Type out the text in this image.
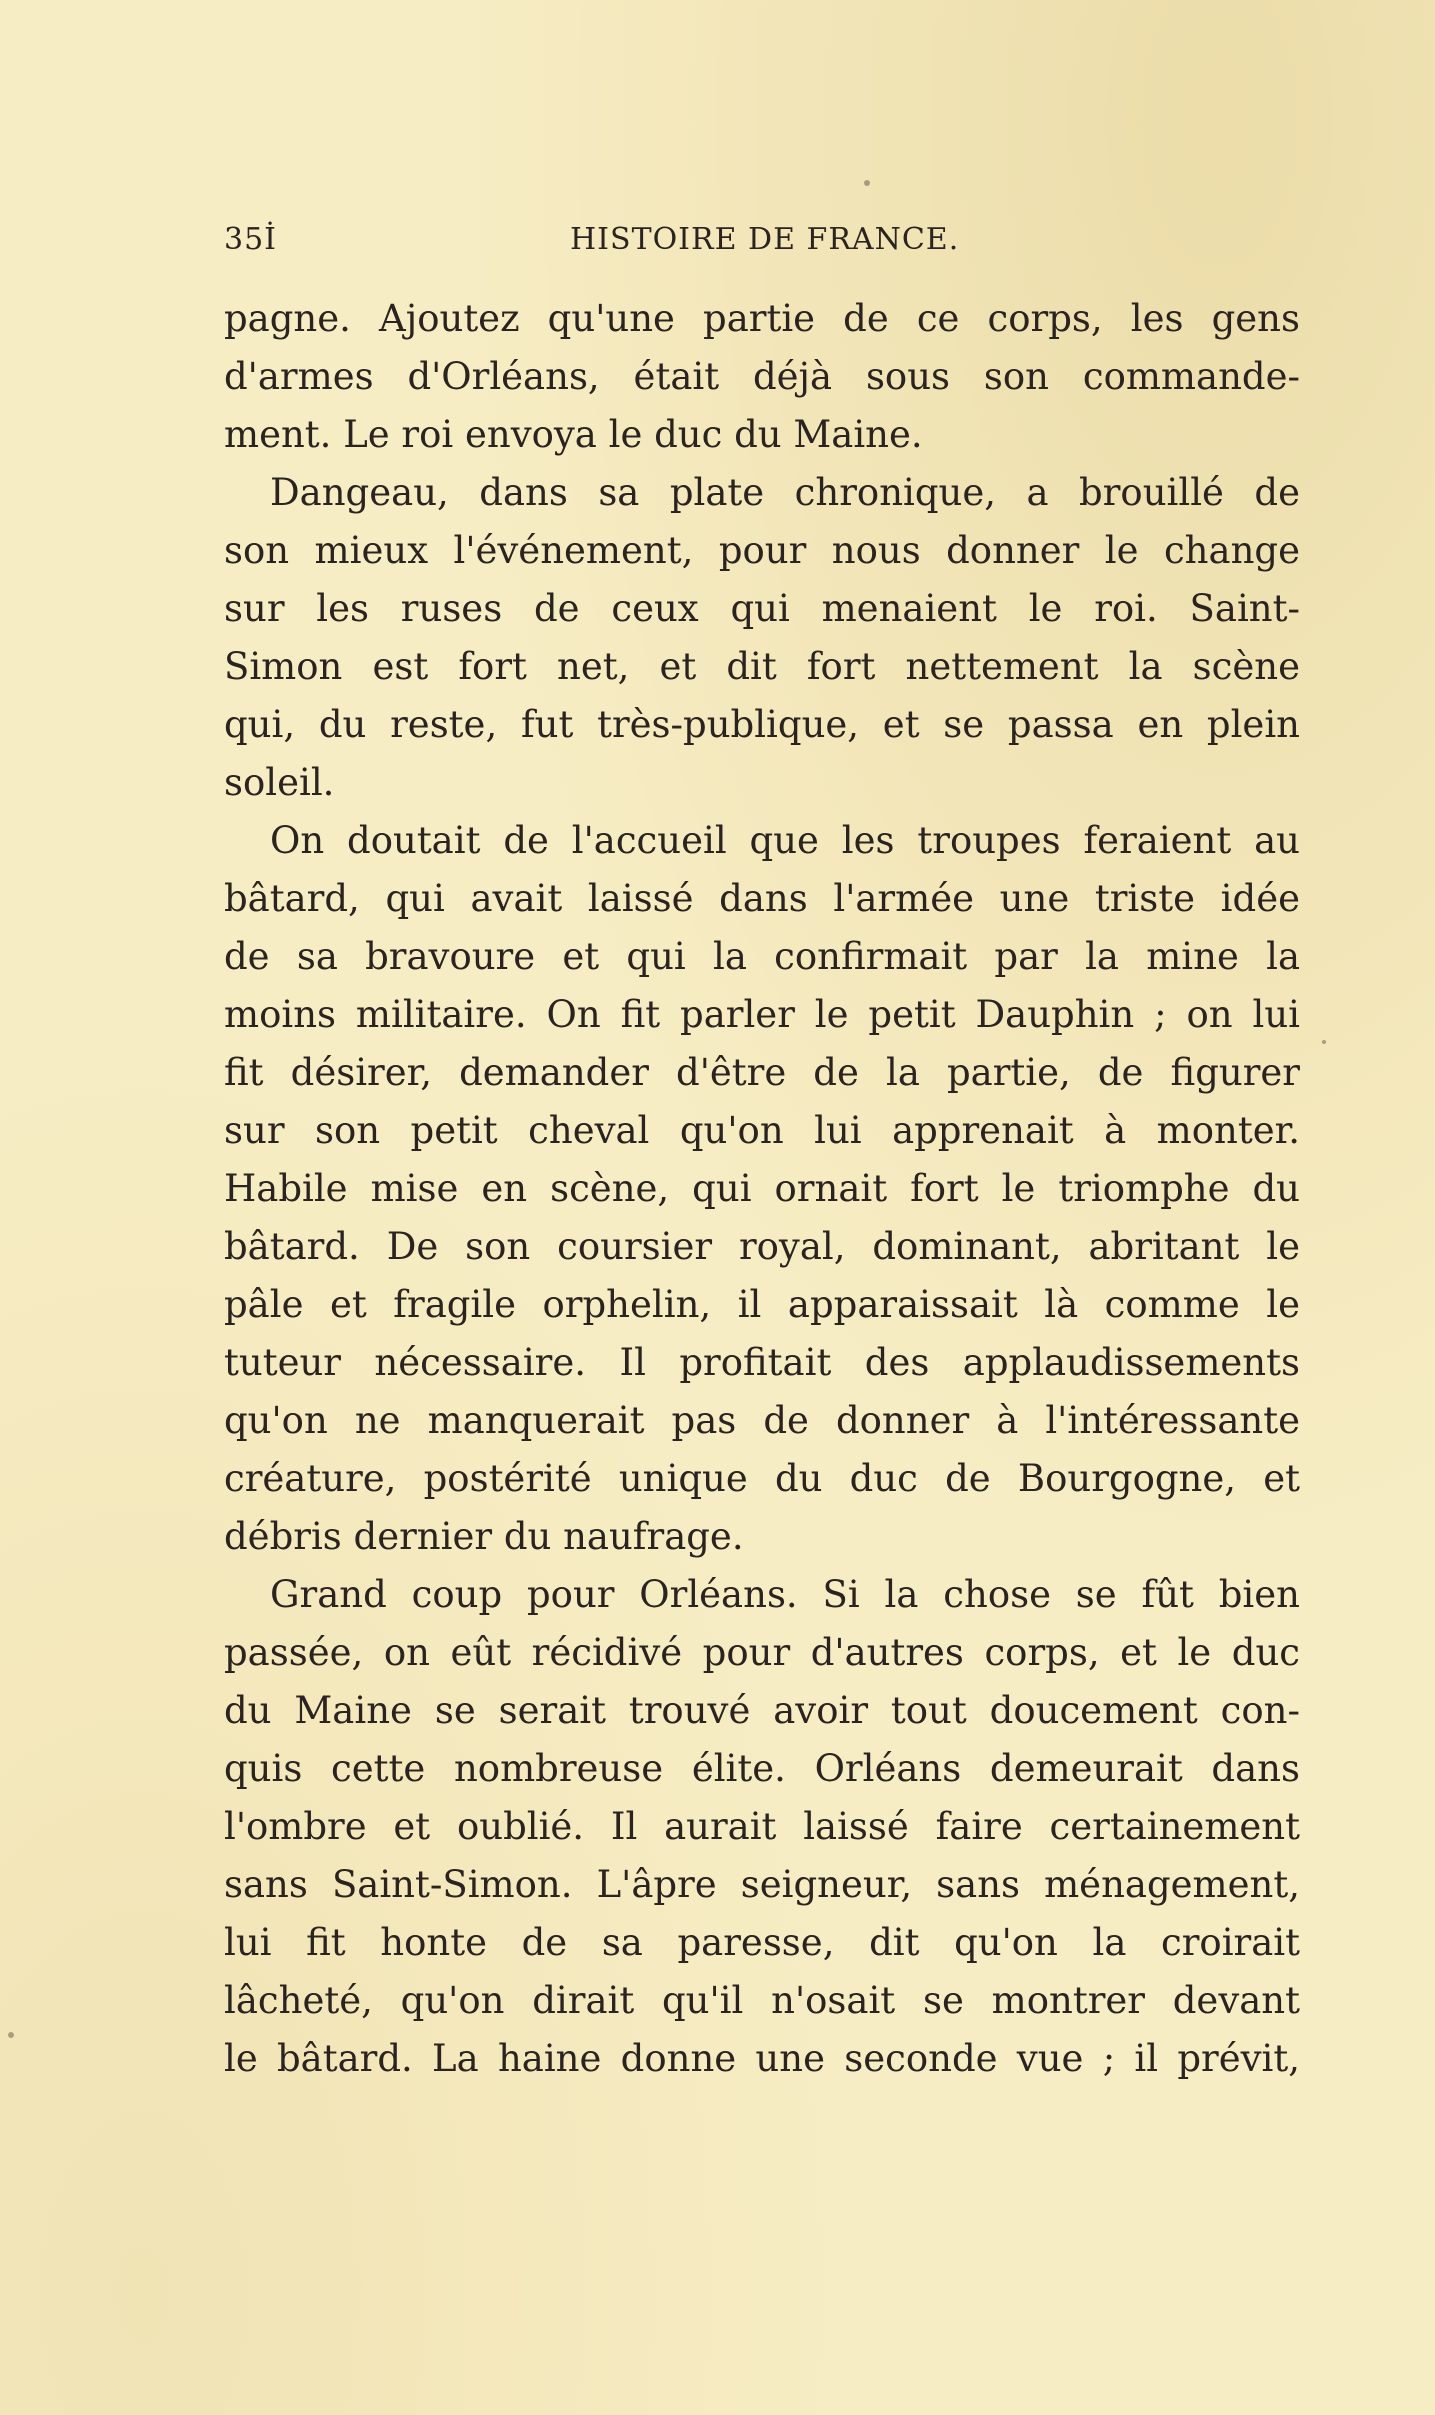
35İ	HISTOIRE DE FRANCE.
pagne. Ajoutez qu'une partie de ce corps, les gens
d'armes d'Orléans, était déjà sous son commande-
ment. Le roi envoya le duc du Maine.
Dangeau, dans sa plate chronique, a brouillé de
son mieux l'événement, pour nous donner le change
sur les ruses de ceux qui menaient le roi. Saint-
Simon est fort net, et dit fort nettement la scène
qui, du reste, fut très-publique, et se passa en plein
soleil.
On doutait de l'accueil que les troupes feraient au
bâtard, qui avait laissé dans l'armée une triste idée
de sa bravoure et qui la confirmait par la mine la
moins militaire. On fit parler le petit Dauphin ; on lui
fit désirer, demander d'être de la partie, de figurer
sur son petit cheval qu'on lui apprenait à monter.
Habile mise en scène, qui ornait fort le triomphe du
bâtard. De son coursier royal, dominant, abritant le
pâle et fragile orphelin, il apparaissait là comme le
tuteur nécessaire. Il profitait des applaudissements
qu'on ne manquerait pas de donner à l'intéressante
créature, postérité unique du duc de Bourgogne, et
débris dernier du naufrage.
Grand coup pour Orléans. Si la chose se fût bien
passée, on eût récidivé pour d'autres corps, et le duc
du Maine se serait trouvé avoir tout doucement con-
quis cette nombreuse élite. Orléans demeurait dans
l'ombre et oublié. Il aurait laissé faire certainement
sans Saint-Simon. L'âpre seigneur, sans ménagement,
lui fit honte de sa paresse, dit qu'on la croirait
lâcheté, qu'on dirait qu'il n'osait se montrer devant
le bâtard. La haine donne une seconde vue ; il prévit,
